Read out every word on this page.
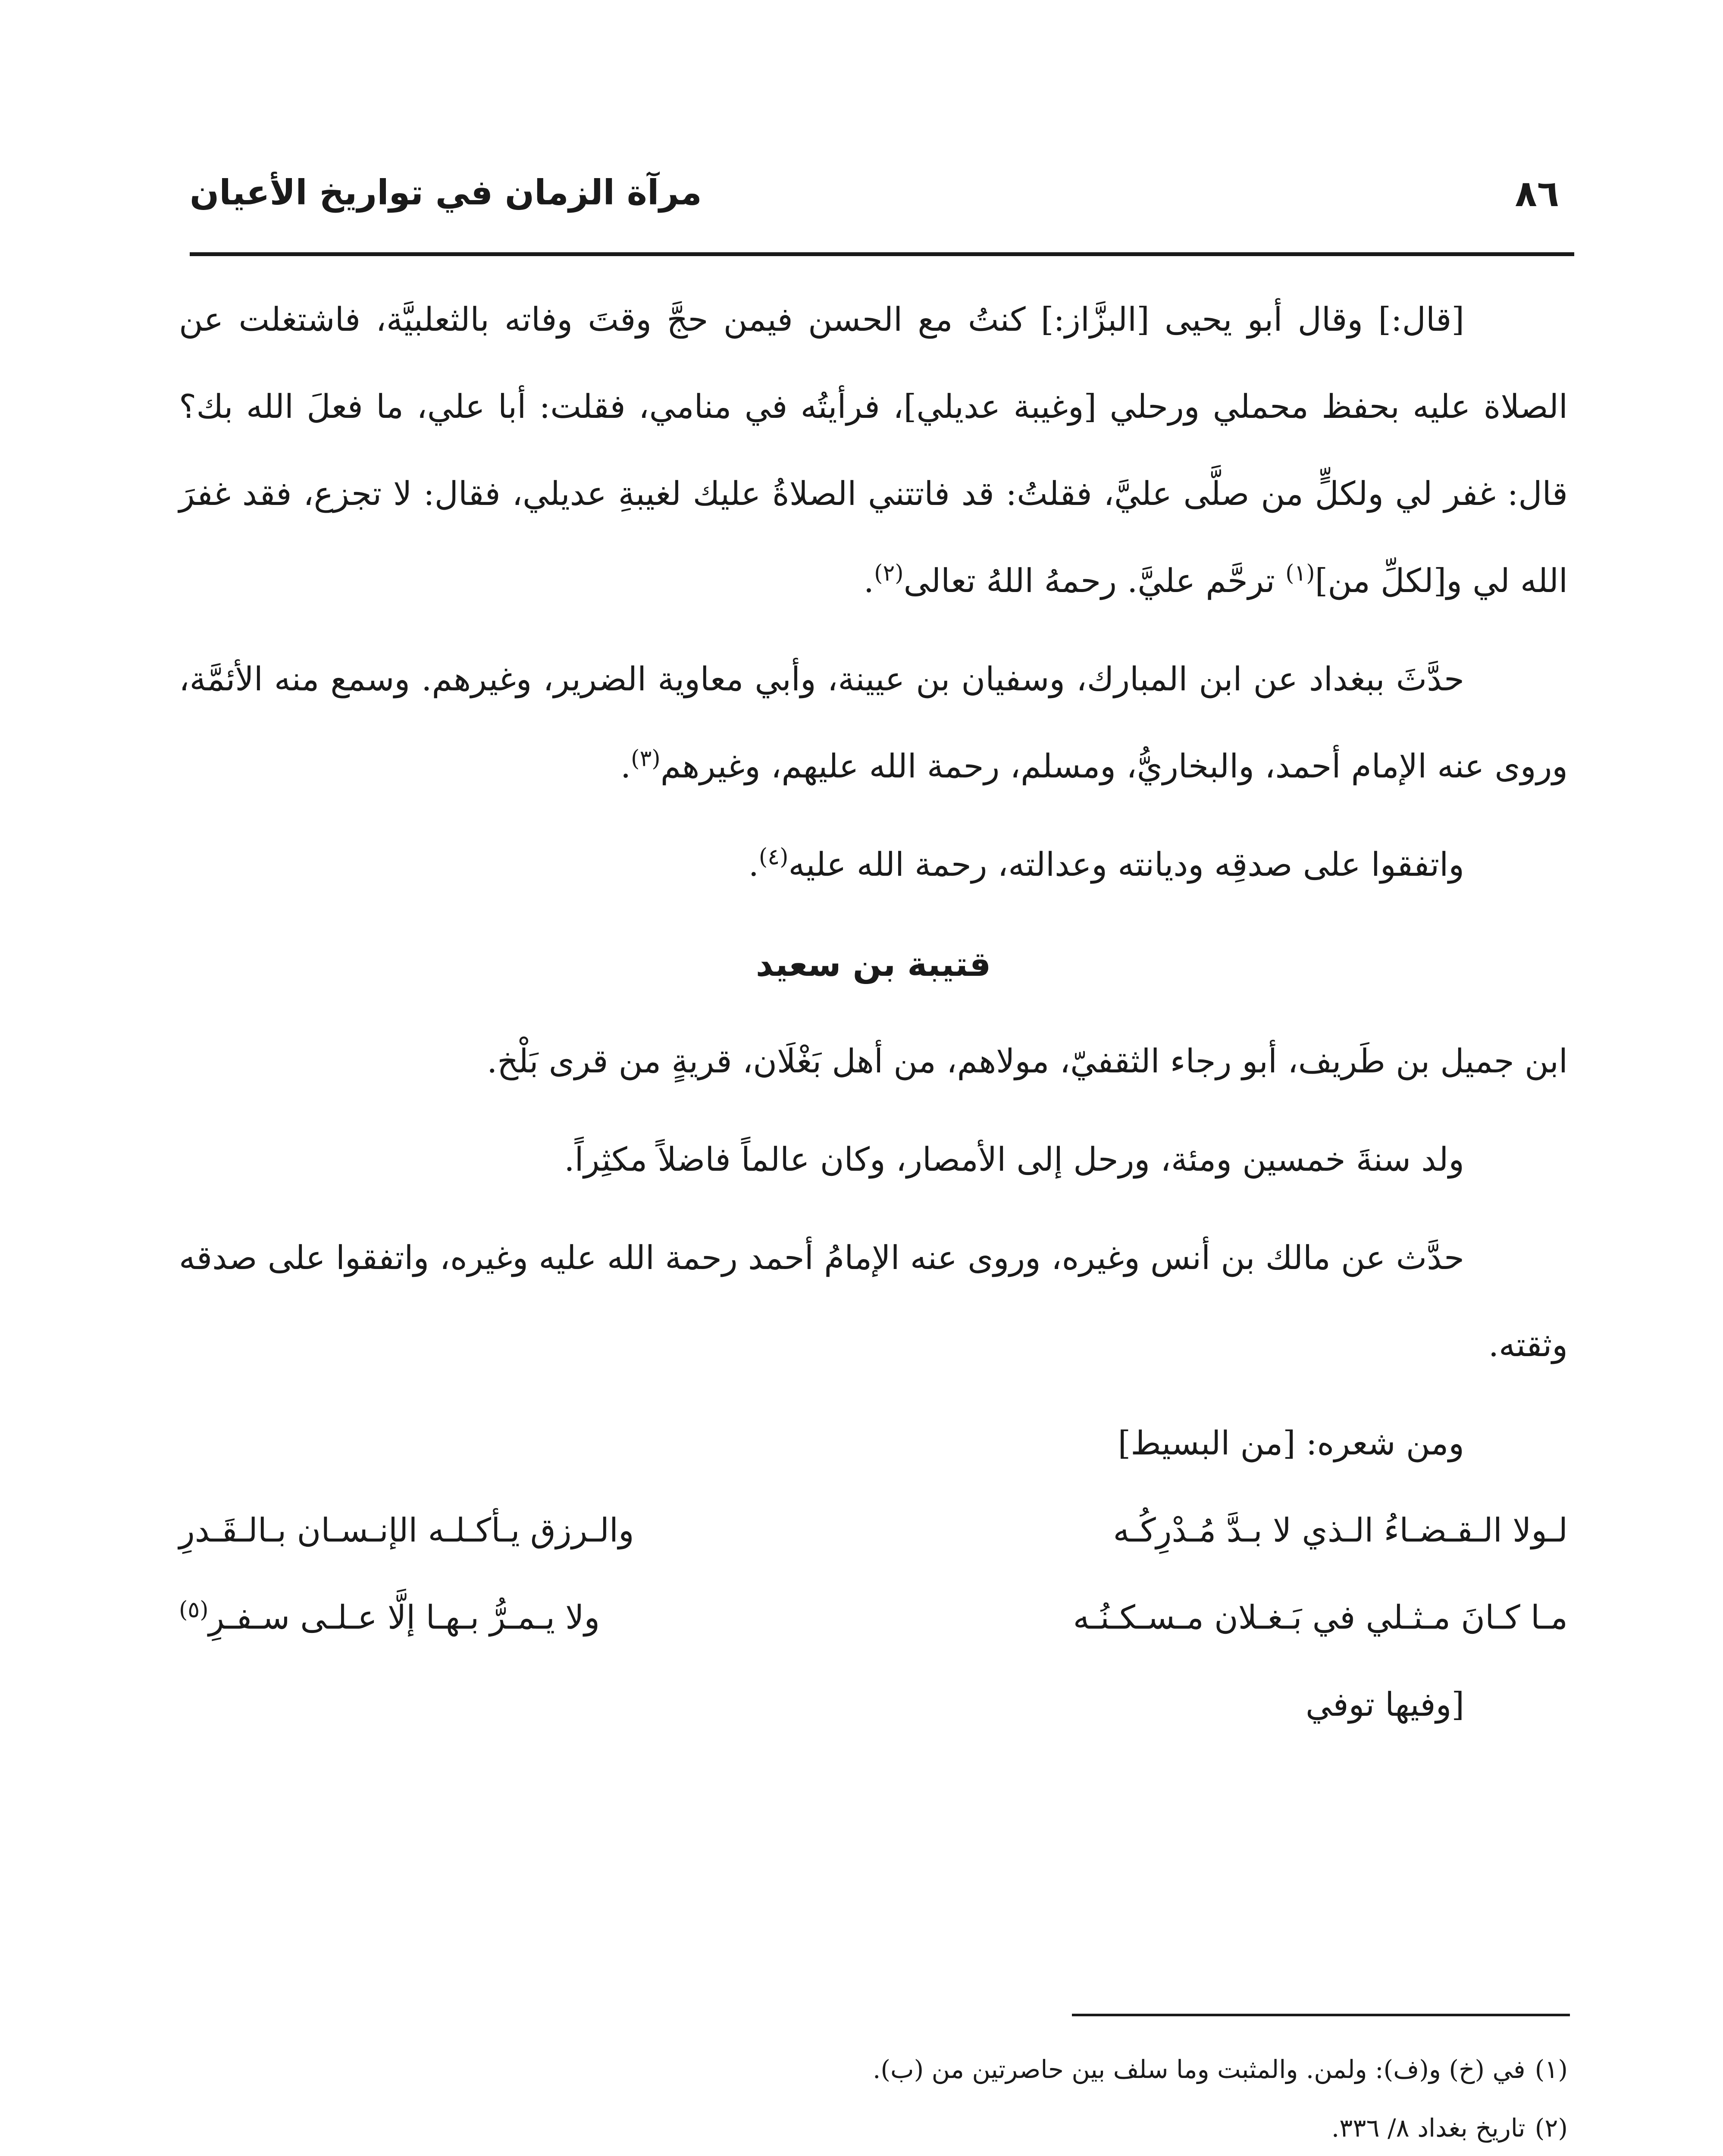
٨٦
مرآة الزمان في تواريخ الأعيان

[قال:] وقال أبو يحيى [البزَّاز:] كنتُ مع الحسن فيمن حجَّ وقتَ وفاته بالثعلبيَّة، فاشتغلت عن الصلاة عليه بحفظ محملي ورحلي [وغيبة عديلي]، فرأيتُه في منامي، فقلت: أبا علي، ما فعلَ الله بك؟ قال: غفر لي ولكلٍّ من صلَّى عليَّ، فقلتُ: قد فاتتني الصلاةُ عليك لغيبةِ عديلي، فقال: لا تجزع، فقد غفرَ الله لي و[لكلِّ من]$^{(١)}$ ترحَّم عليَّ. رحمهُ اللهُ تعالى$^{(٢)}$.

حدَّثَ ببغداد عن ابن المبارك، وسفيان بن عيينة، وأبي معاوية الضرير، وغيرهم. وسمع منه الأئمَّة، وروى عنه الإمام أحمد، والبخاريُّ، ومسلم، رحمة الله عليهم، وغيرهم$^{(٣)}$.

واتفقوا على صدقِه وديانته وعدالته، رحمة الله عليه$^{(٤)}$.

قتيبة بن سعيد

ابن جميل بن طَريف، أبو رجاء الثقفيّ، مولاهم، من أهل بَغْلَان، قريةٍ من قرى بَلْخ.

ولد سنةَ خمسين ومئة، ورحل إلى الأمصار، وكان عالماً فاضلاً مكثِراً.

حدَّث عن مالك بن أنس وغيره، وروى عنه الإمامُ أحمد رحمة الله عليه وغيره، واتفقوا على صدقه وثقته.

ومن شعره: [من البسيط]

لـولا الـقـضـاءُ الـذي لا بـدَّ مُـدْرِكُـه
والـرزق يـأكـلـه الإنـسـان بـالـقَـدرِ
مـا كـانَ مـثـلي في بَـغـلان مـسـكـنُـه
ولا يـمـرُّ بـهـا إلَّا عـلـى سـفـرِ$^{(٥)}$

[وفيها توفي

(١)في (خ) و(ف): ولمن. والمثبت وما سلف بين حاصرتين من (ب).

(٢)تاريخ بغداد ٨/ ٣٣٦.
